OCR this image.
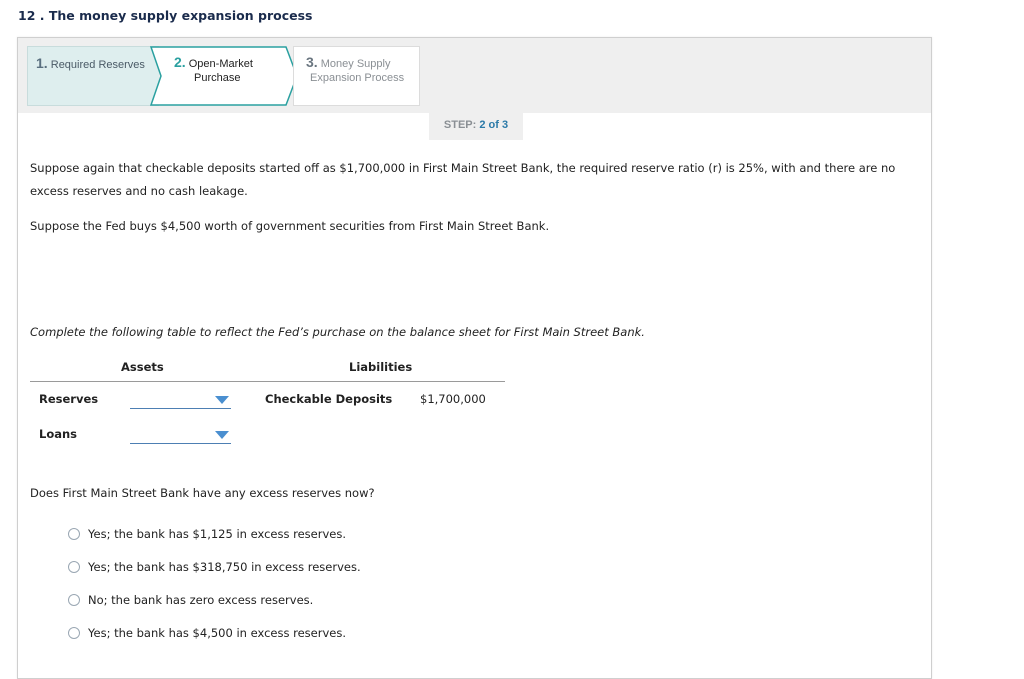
12 . The money supply expansion process
1. Required Reserves	2. Open-Market
Purchase
3. Money Supply
Expansion Process
STEP: 2 of 3
Suppose again that checkable deposits started off as $1,700,000 in First Main Street Bank, the required reserve ratio (r) is 25%, with and there are no
excess reserves and no cash leakage.
Suppose the Fed buys $4,500 worth of government securities from First Main Street Bank.
Complete the following table to reflect the Fed’s purchase on the balance sheet for First Main Street Bank.
Assets	Liabilities
Reserves	Checkable Deposits $1,700,000
Loans
Does First Main Street Bank have any excess reserves now?
Yes; the bank has $1,125 in excess reserves.
Yes; the bank has $318,750 in excess reserves.
No; the bank has zero excess reserves.
Yes; the bank has $4,500 in excess reserves.
